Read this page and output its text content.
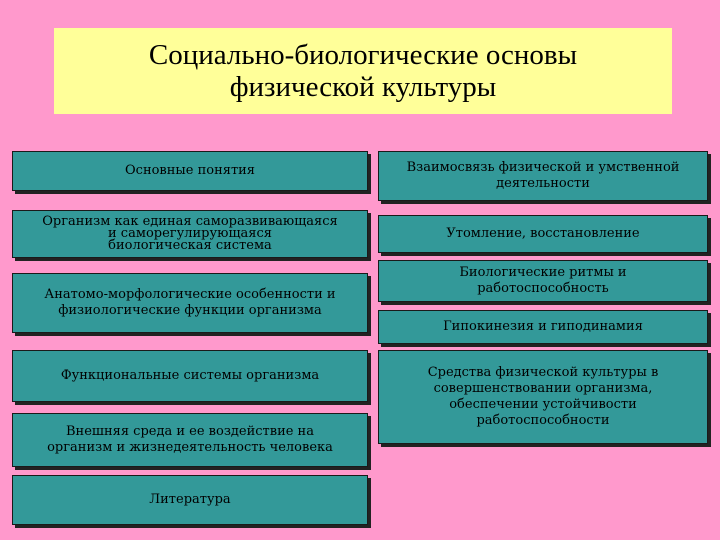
Социально-биологические основы
физической культуры
Основные понятия
Организм как единая саморазвивающаяся
и саморегулирующаяся
биологическая система
Анатомо-морфологические особенности и
физиологические функции организма
Функциональные системы организма
Внешняя среда и ее воздействие на
организм и жизнедеятельность человека
Литература
Взаимосвязь физической и умственной
деятельности
Утомление, восстановление
Биологические ритмы и
работоспособность
Гипокинезия и гиподинамия
Средства физической культуры в
совершенствовании организма,
обеспечении устойчивости
работоспособности
